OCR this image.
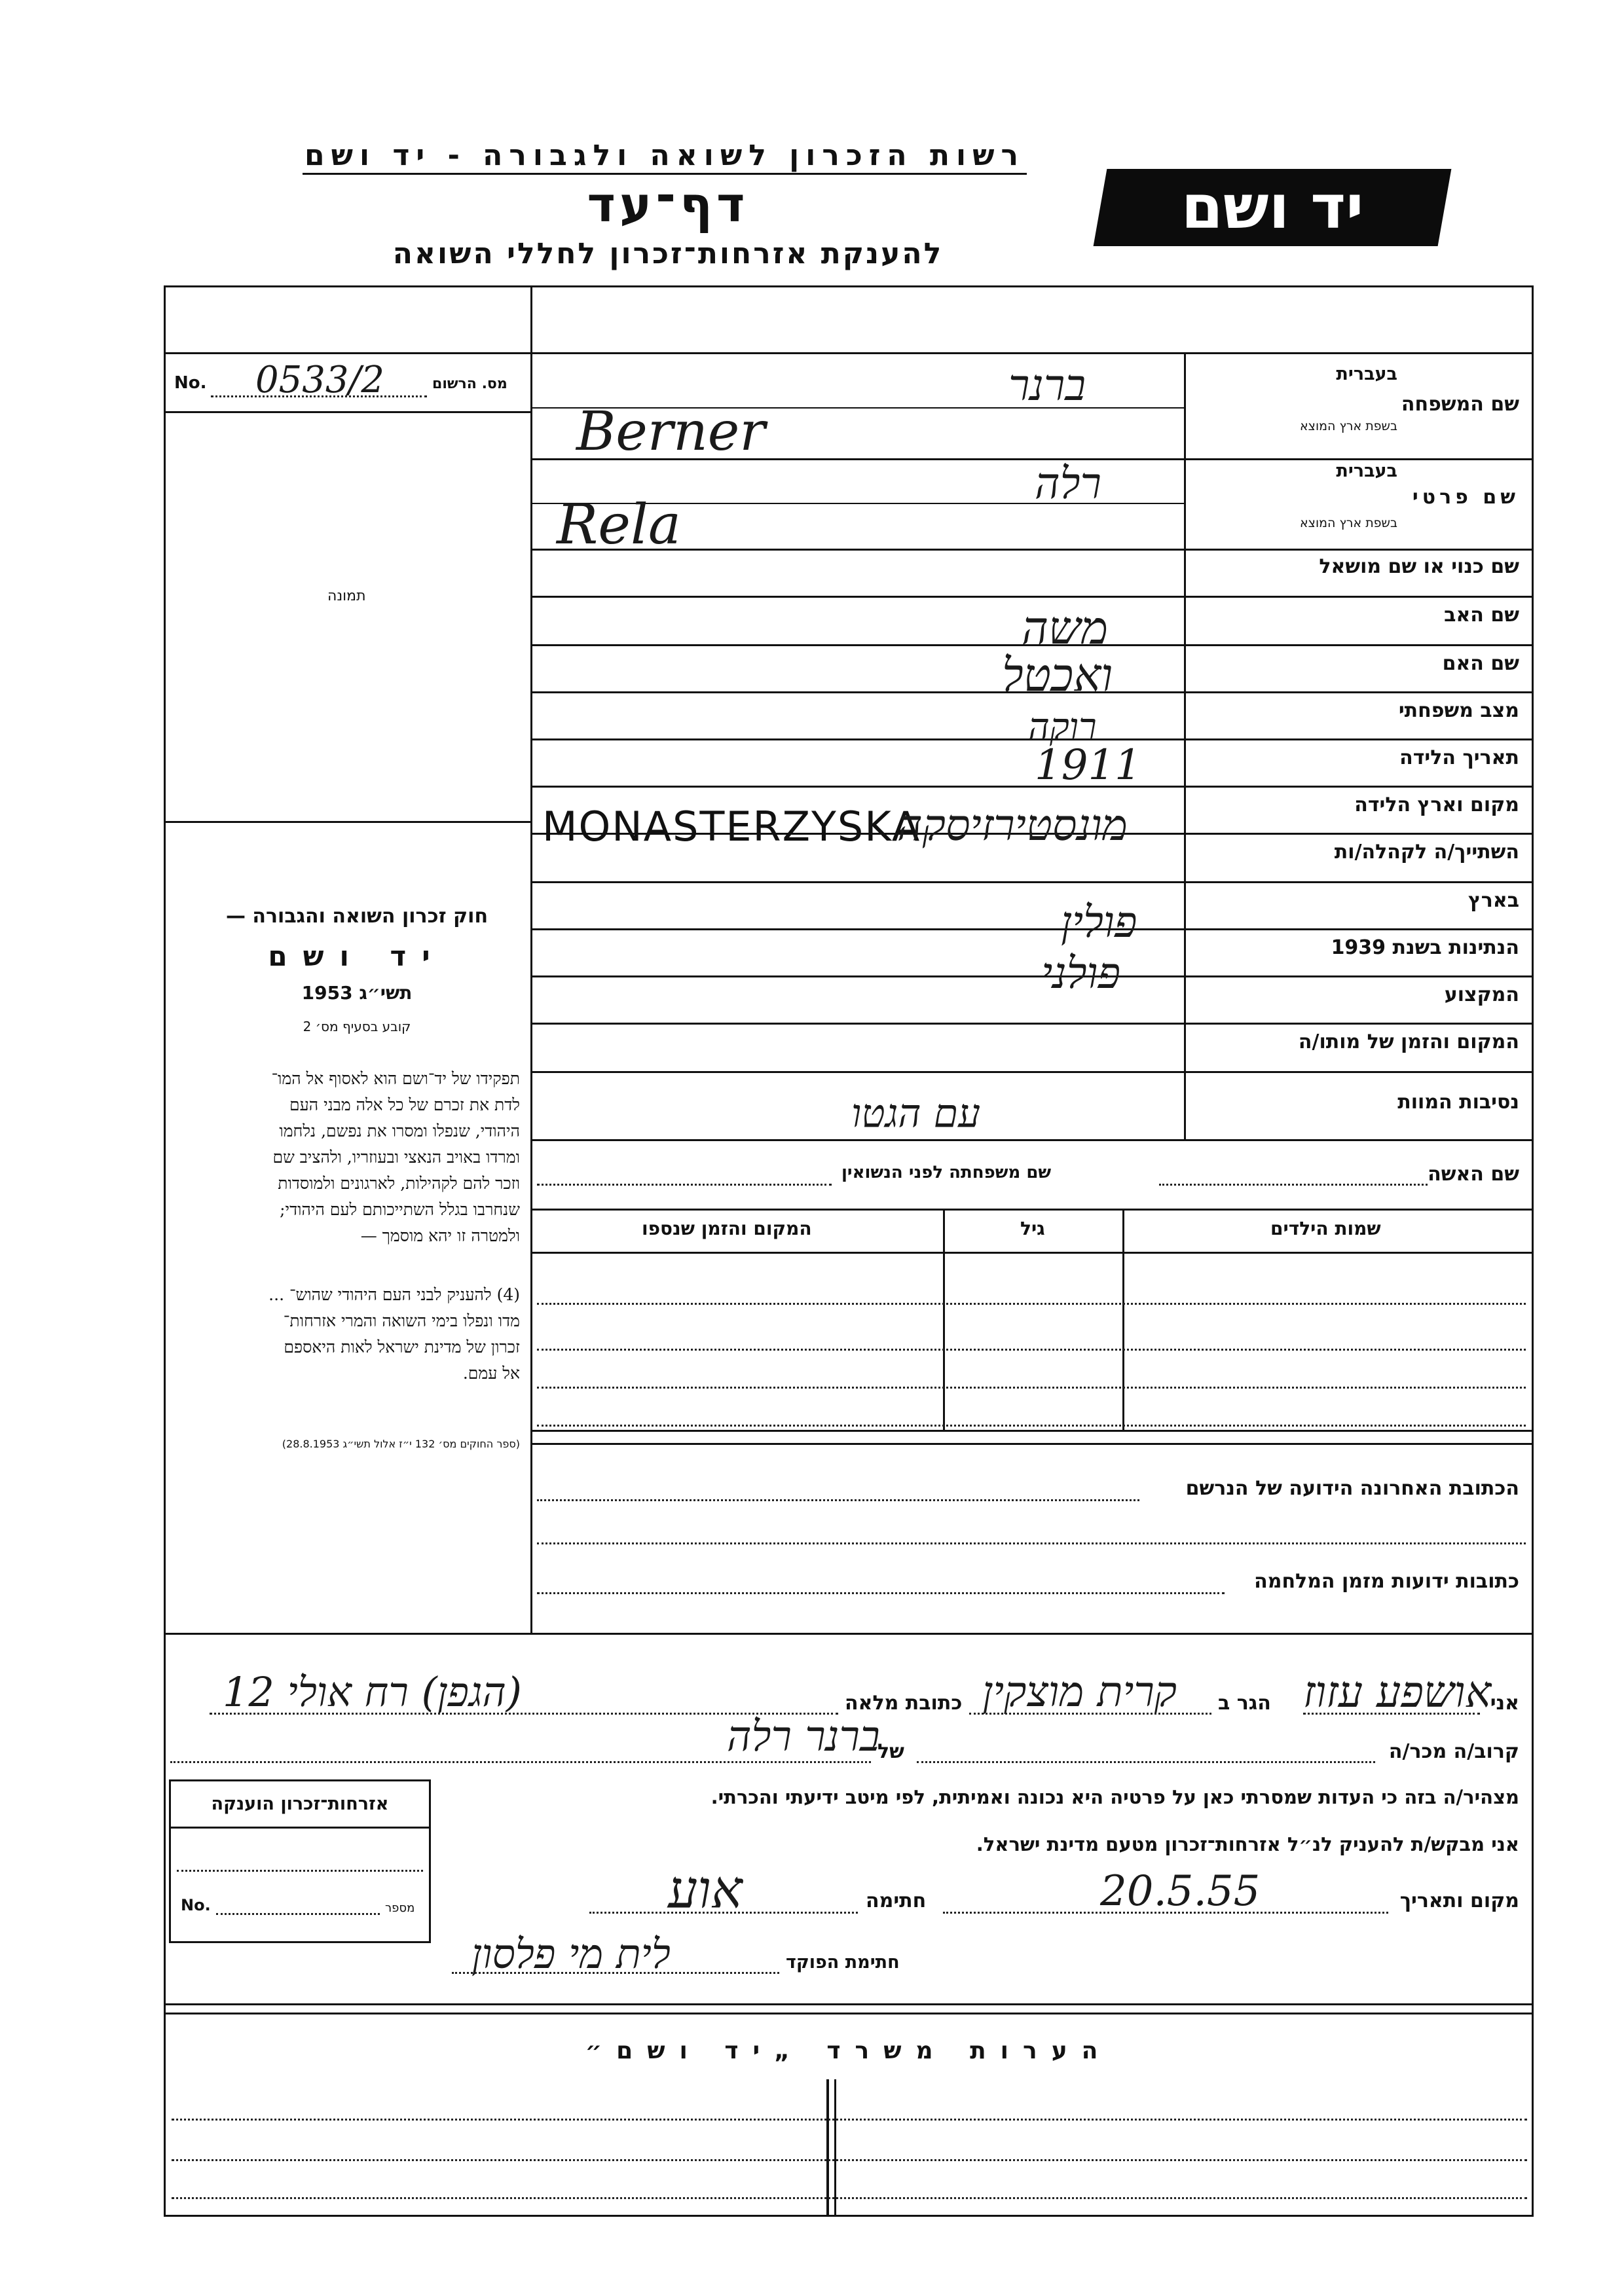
רשות הזכרון לשואה ולגבורה - יד ושם
יד ושם
דף־עד
להענקת אזרחות־זכרון לחללי השואה
No. 0533/2	מס. הרשום
תמונה
שם המשפחה
בעברית
בשפת ארץ המוצא
שם פרטי
בעברית
בשפת ארץ המוצא
שם כנוי או שם מושאל
שם האב
שם האם
מצב משפחתי
תאריך הלידה
מקום וארץ הלידה
השתייך/ה לקהלה/ות
בארץ
הנתינות בשנת 1939
המקצוע
המקום והזמן של מותו/ה
נסיבות המוות
ברנר
Berner
רלה
Rela
משה
ואכטל
רוקה
1911
MONASTERZYSKA
מונסטירזיסקה
פולין
פולני
עם הגטו
שם האשה
שם משפחתה לפני הנשואין
שמות הילדים
גיל
המקום והזמן שנספו
הכתובת האחרונה הידועה של הנרשם
כתובות ידועות מזמן המלחמה
חוק זכרון השואה והגבורה —
יד ושם
תשי״ג 1953
קובע בסעיף מס׳ 2
תפקידו של יד־ושם הוא לאסוף אל המו־
לדת את זכרם של כל אלה מבני העם
היהודי, שנפלו ומסרו את נפשם, נלחמו
ומרדו באויב הנאצי ובעוזריו, ולהציב שם
וזכר להם לקהילות, לארגונים ולמוסדות
שנחרבו בגלל השתייכותם לעם היהודי;
ולמטרה זו יהא מוסמך —
(4) להעניק לבני העם היהודי שהוש־ ...
מדו ונפלו בימי השואה והמרי אזרחות־
זכרון של מדינת ישראל לאות היאספם
אל עמם.
(ספר החוקים מס׳ 132 י״ז אלול תשי״ג 28.8.1953)
אני
אושפע עזוז
הגר ב
קרית מוצקין
כתובת מלאה
(הגפן) רח אולי 12
קרוב/ה מכר/ה
של
ברנר רלה
מצהיר/ה בזה כי העדות שמסרתי כאן על פרטיה היא נכונה ואמיתית, לפי מיטב ידיעתי והכרתי.
אני מבקש/ת להעניק לנ״ל אזרחות־זכרון מטעם מדינת ישראל.
מקום ותאריך
20.5.55
חתימה
אוע
חתימת הפוקד
לית מי פלסון
אזרחות־זכרון הוענקה
No.	מספר
הערות משרד „יד ושם״
